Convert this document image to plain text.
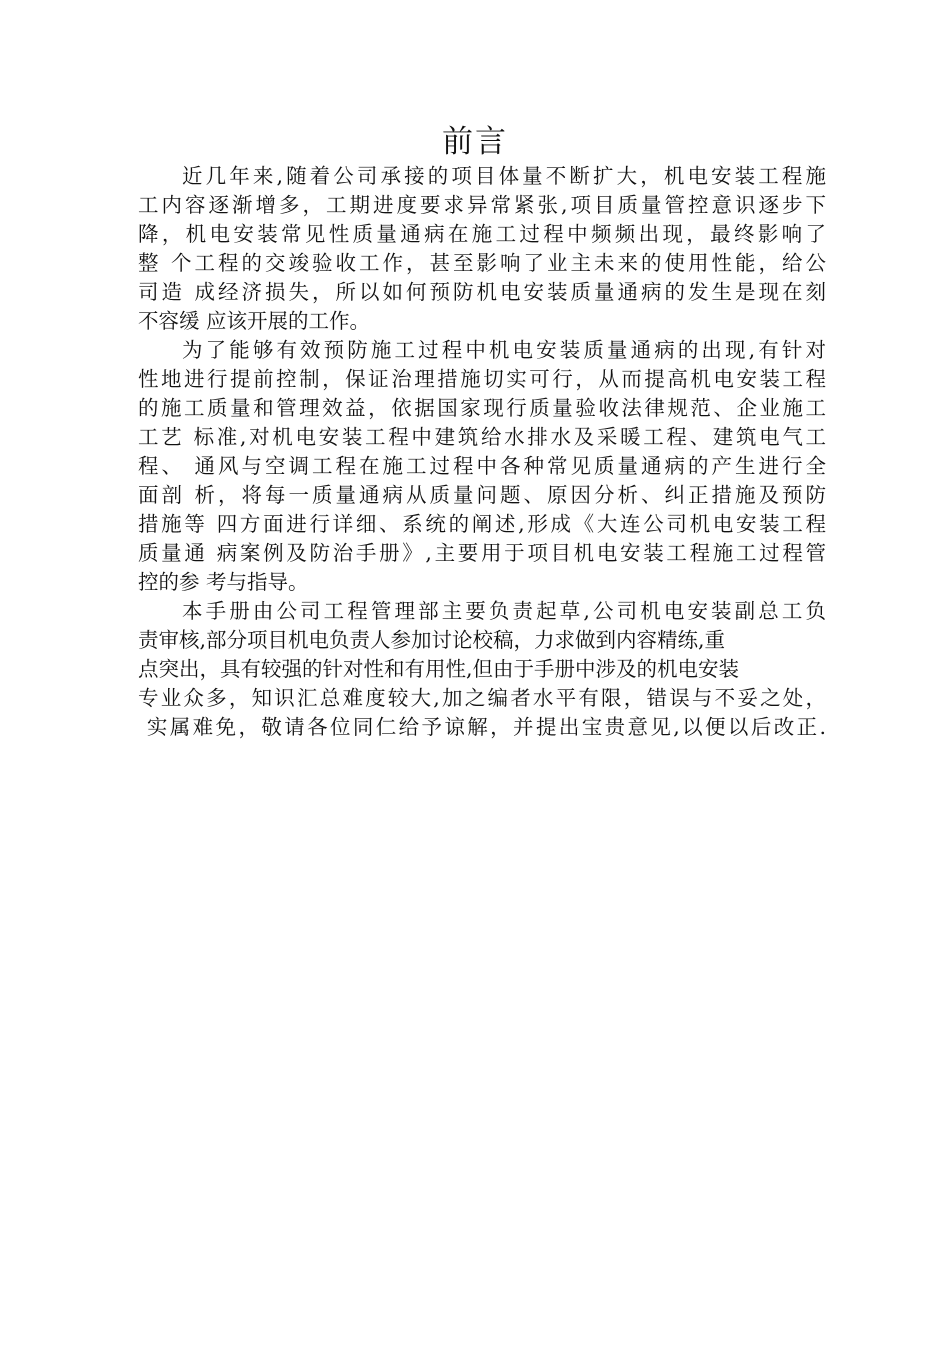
前言
近几年来,随着公司承接的项目体量不断扩大，机电安装工程施
工内容逐渐增多，工期进度要求异常紧张,项目质量管控意识逐步下
降，机电安装常见性质量通病在施工过程中频频出现，最终影响了
整 个工程的交竣验收工作，甚至影响了业主未来的使用性能，给公
司造 成经济损失，所以如何预防机电安装质量通病的发生是现在刻
不容缓 应该开展的工作。
为了能够有效预防施工过程中机电安装质量通病的出现,有针对
性地进行提前控制，保证治理措施切实可行，从而提高机电安装工程
的施工质量和管理效益，依据国家现行质量验收法律规范、企业施工
工艺 标准,对机电安装工程中建筑给水排水及采暖工程、建筑电气工
程、 通风与空调工程在施工过程中各种常见质量通病的产生进行全
面剖 析，将每一质量通病从质量问题、原因分析、纠正措施及预防
措施等 四方面进行详细、系统的阐述,形成《大连公司机电安装工程
质量通 病案例及防治手册》,主要用于项目机电安装工程施工过程管
控的参 考与指导。
本手册由公司工程管理部主要负责起草,公司机电安装副总工负
责审核,部分项目机电负责人参加讨论校稿，力求做到内容精练,重
点突出，具有较强的针对性和有用性,但由于手册中涉及的机电安装
专业众多，知识汇总难度较大,加之编者水平有限，错误与不妥之处，
实属难免，敬请各位同仁给予谅解，并提出宝贵意见,以便以后改正.
